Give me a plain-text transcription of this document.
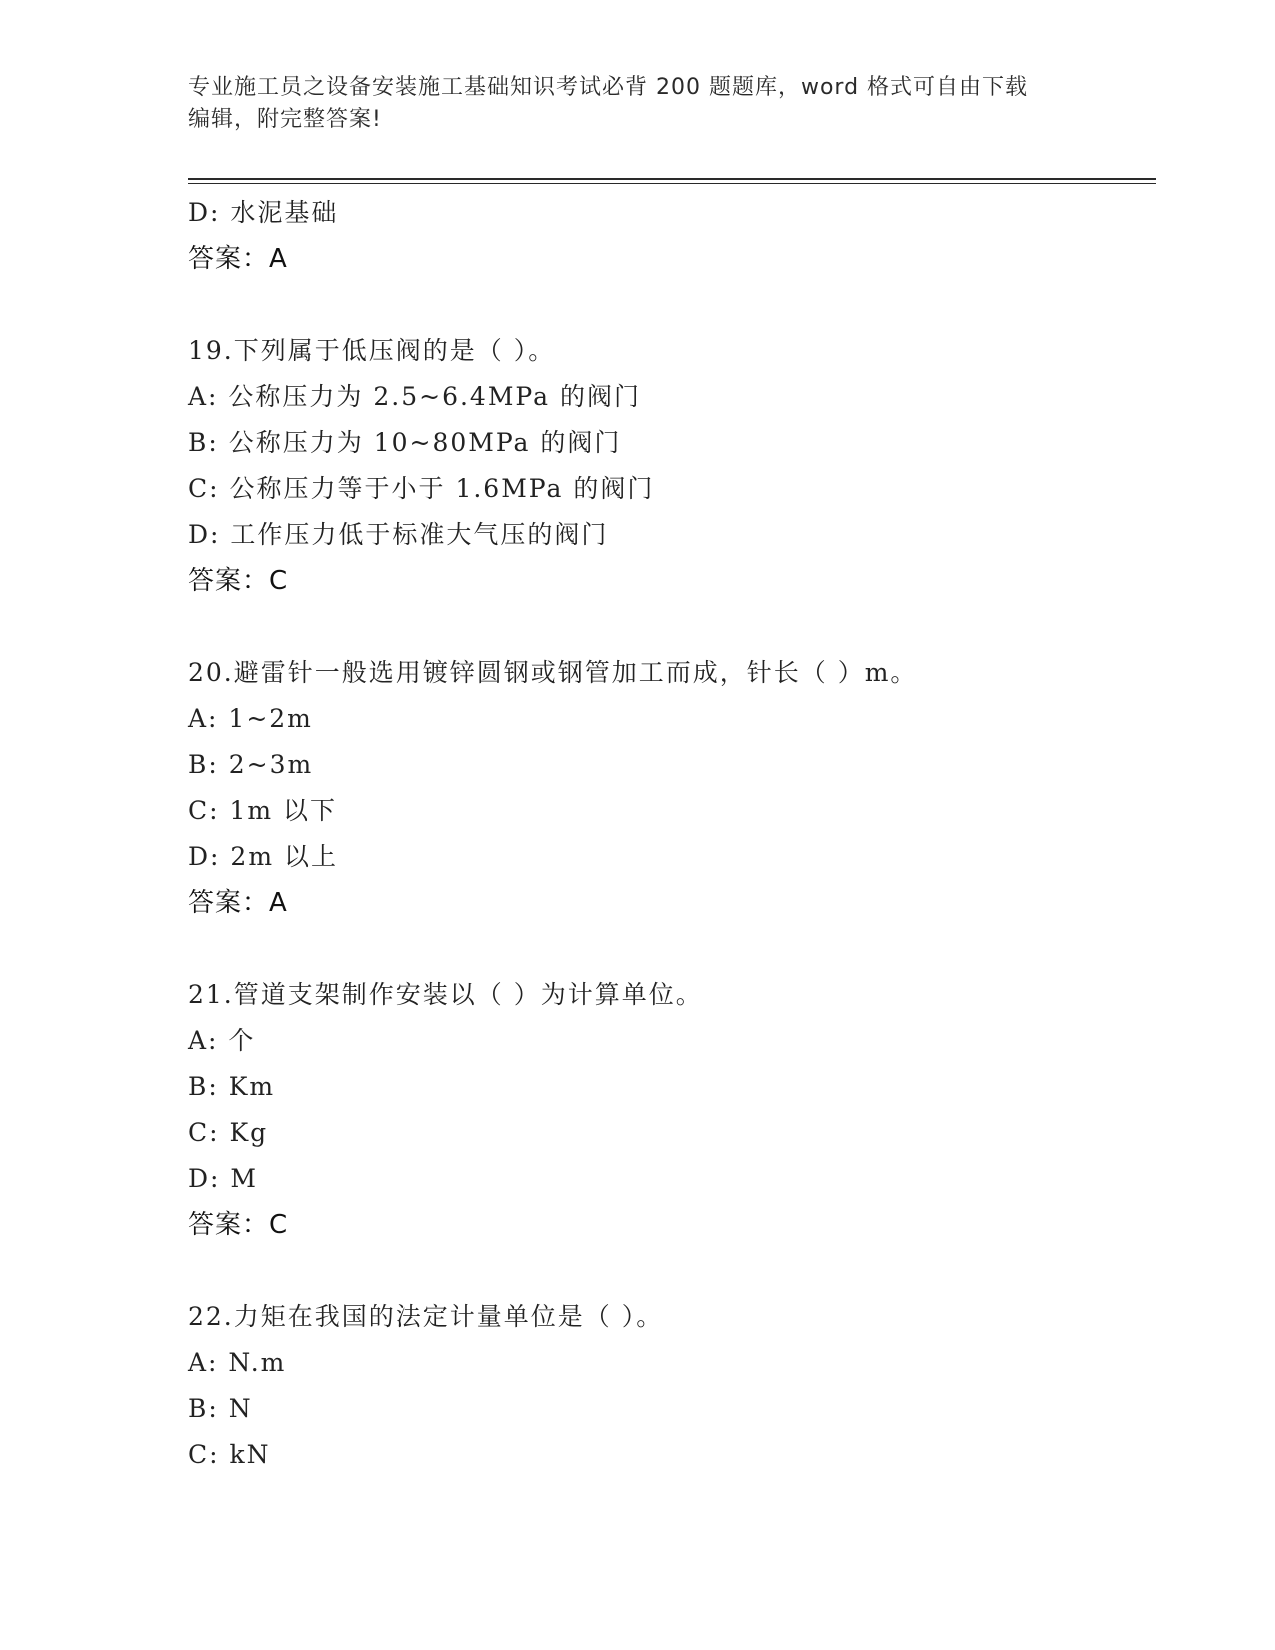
专业施工员之设备安装施工基础知识考试必背 200 题题库，word 格式可自由下载
编辑，附完整答案!
D: 水泥基础
答案：A
19.下列属于低压阀的是（ ）。
A: 公称压力为 2.5~6.4MPa 的阀门
B: 公称压力为 10~80MPa 的阀门
C: 公称压力等于小于 1.6MPa 的阀门
D: 工作压力低于标准大气压的阀门
答案：C
20.避雷针一般选用镀锌圆钢或钢管加工而成，针长（ ）m。
A: 1~2m
B: 2~3m
C: 1m 以下
D: 2m 以上
答案：A
21.管道支架制作安装以（ ）为计算单位。
A: 个
B: Km
C: Kg
D: M
答案：C
22.力矩在我国的法定计量单位是（ ）。
A: N.m
B: N
C: kN
